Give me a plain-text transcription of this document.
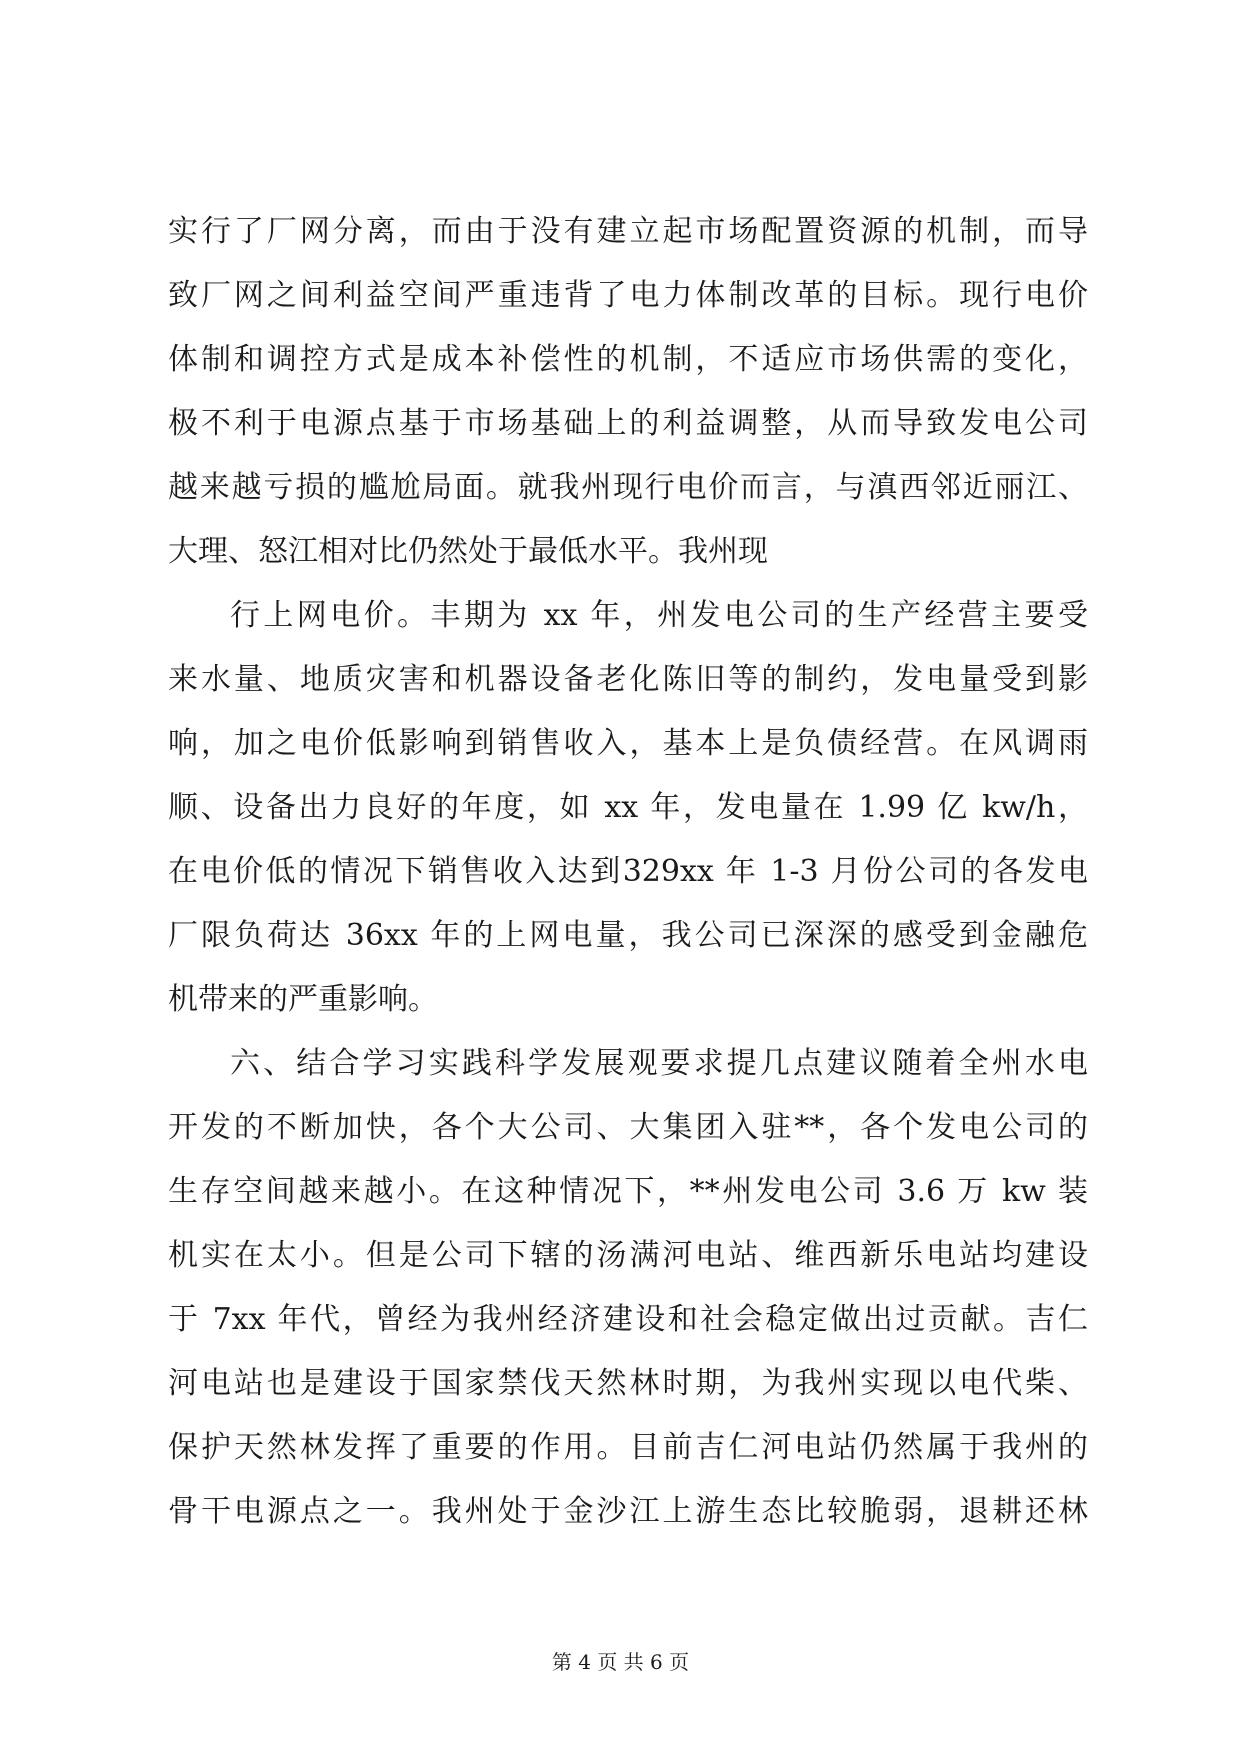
实行了厂网分离，而由于没有建立起市场配置资源的机制，而导
致厂网之间利益空间严重违背了电力体制改革的目标。现行电价
体制和调控方式是成本补偿性的机制，不适应市场供需的变化，
极不利于电源点基于市场基础上的利益调整，从而导致发电公司
越来越亏损的尴尬局面。就我州现行电价而言，与滇西邻近丽江、
大理、怒江相对比仍然处于最低水平。我州现
行上网电价。丰期为 xx 年，州发电公司的生产经营主要受
来水量、地质灾害和机器设备老化陈旧等的制约，发电量受到影
响，加之电价低影响到销售收入，基本上是负债经营。在风调雨
顺、设备出力良好的年度，如 xx 年，发电量在 1.99 亿 kw/h，
在电价低的情况下销售收入达到329xx 年 1-3 月份公司的各发电
厂限负荷达 36xx 年的上网电量，我公司已深深的感受到金融危
机带来的严重影响。
六、结合学习实践科学发展观要求提几点建议随着全州水电
开发的不断加快，各个大公司、大集团入驻**，各个发电公司的
生存空间越来越小。在这种情况下，**州发电公司 3.6 万 kw 装
机实在太小。但是公司下辖的汤满河电站、维西新乐电站均建设
于 7xx 年代，曾经为我州经济建设和社会稳定做出过贡献。吉仁
河电站也是建设于国家禁伐天然林时期，为我州实现以电代柴、
保护天然林发挥了重要的作用。目前吉仁河电站仍然属于我州的
骨干电源点之一。我州处于金沙江上游生态比较脆弱，退耕还林
第 4 页 共 6 页
